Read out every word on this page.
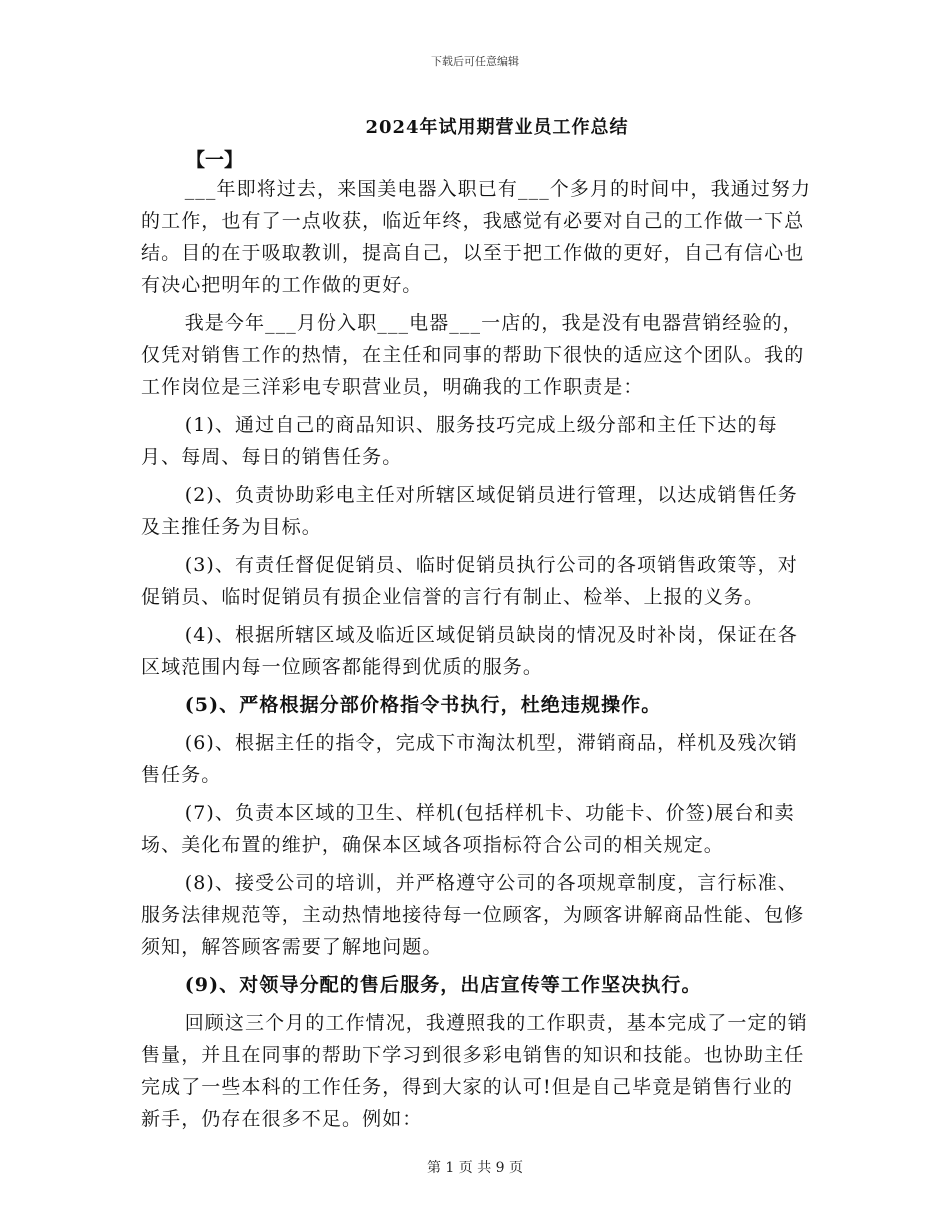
下载后可任意编辑
2024年试用期营业员工作总结
【一】

___年即将过去，来国美电器入职已有___个多月的时间中，我通过努力的工作，也有了一点收获，临近年终，我感觉有必要对自己的工作做一下总结。目的在于吸取教训，提高自己，以至于把工作做的更好，自己有信心也有决心把明年的工作做的更好。

我是今年___月份入职___电器___一店的，我是没有电器营销经验的，仅凭对销售工作的热情，在主任和同事的帮助下很快的适应这个团队。我的工作岗位是三洋彩电专职营业员，明确我的工作职责是：

(1)、通过自己的商品知识、服务技巧完成上级分部和主任下达的每月、每周、每日的销售任务。

(2)、负责协助彩电主任对所辖区域促销员进行管理，以达成销售任务及主推任务为目标。

(3)、有责任督促促销员、临时促销员执行公司的各项销售政策等，对促销员、临时促销员有损企业信誉的言行有制止、检举、上报的义务。

(4)、根据所辖区域及临近区域促销员缺岗的情况及时补岗，保证在各区域范围内每一位顾客都能得到优质的服务。

(5)、严格根据分部价格指令书执行，杜绝违规操作。

(6)、根据主任的指令，完成下市淘汰机型，滞销商品，样机及残次销售任务。

(7)、负责本区域的卫生、样机(包括样机卡、功能卡、价签)展台和卖场、美化布置的维护，确保本区域各项指标符合公司的相关规定。

(8)、接受公司的培训，并严格遵守公司的各项规章制度，言行标准、服务法律规范等，主动热情地接待每一位顾客，为顾客讲解商品性能、包修须知，解答顾客需要了解地问题。

(9)、对领导分配的售后服务，出店宣传等工作坚决执行。

回顾这三个月的工作情况，我遵照我的工作职责，基本完成了一定的销售量，并且在同事的帮助下学习到很多彩电销售的知识和技能。也协助主任完成了一些本科的工作任务，得到大家的认可!但是自己毕竟是销售行业的新手，仍存在很多不足。例如：

第 1 页 共 9 页
